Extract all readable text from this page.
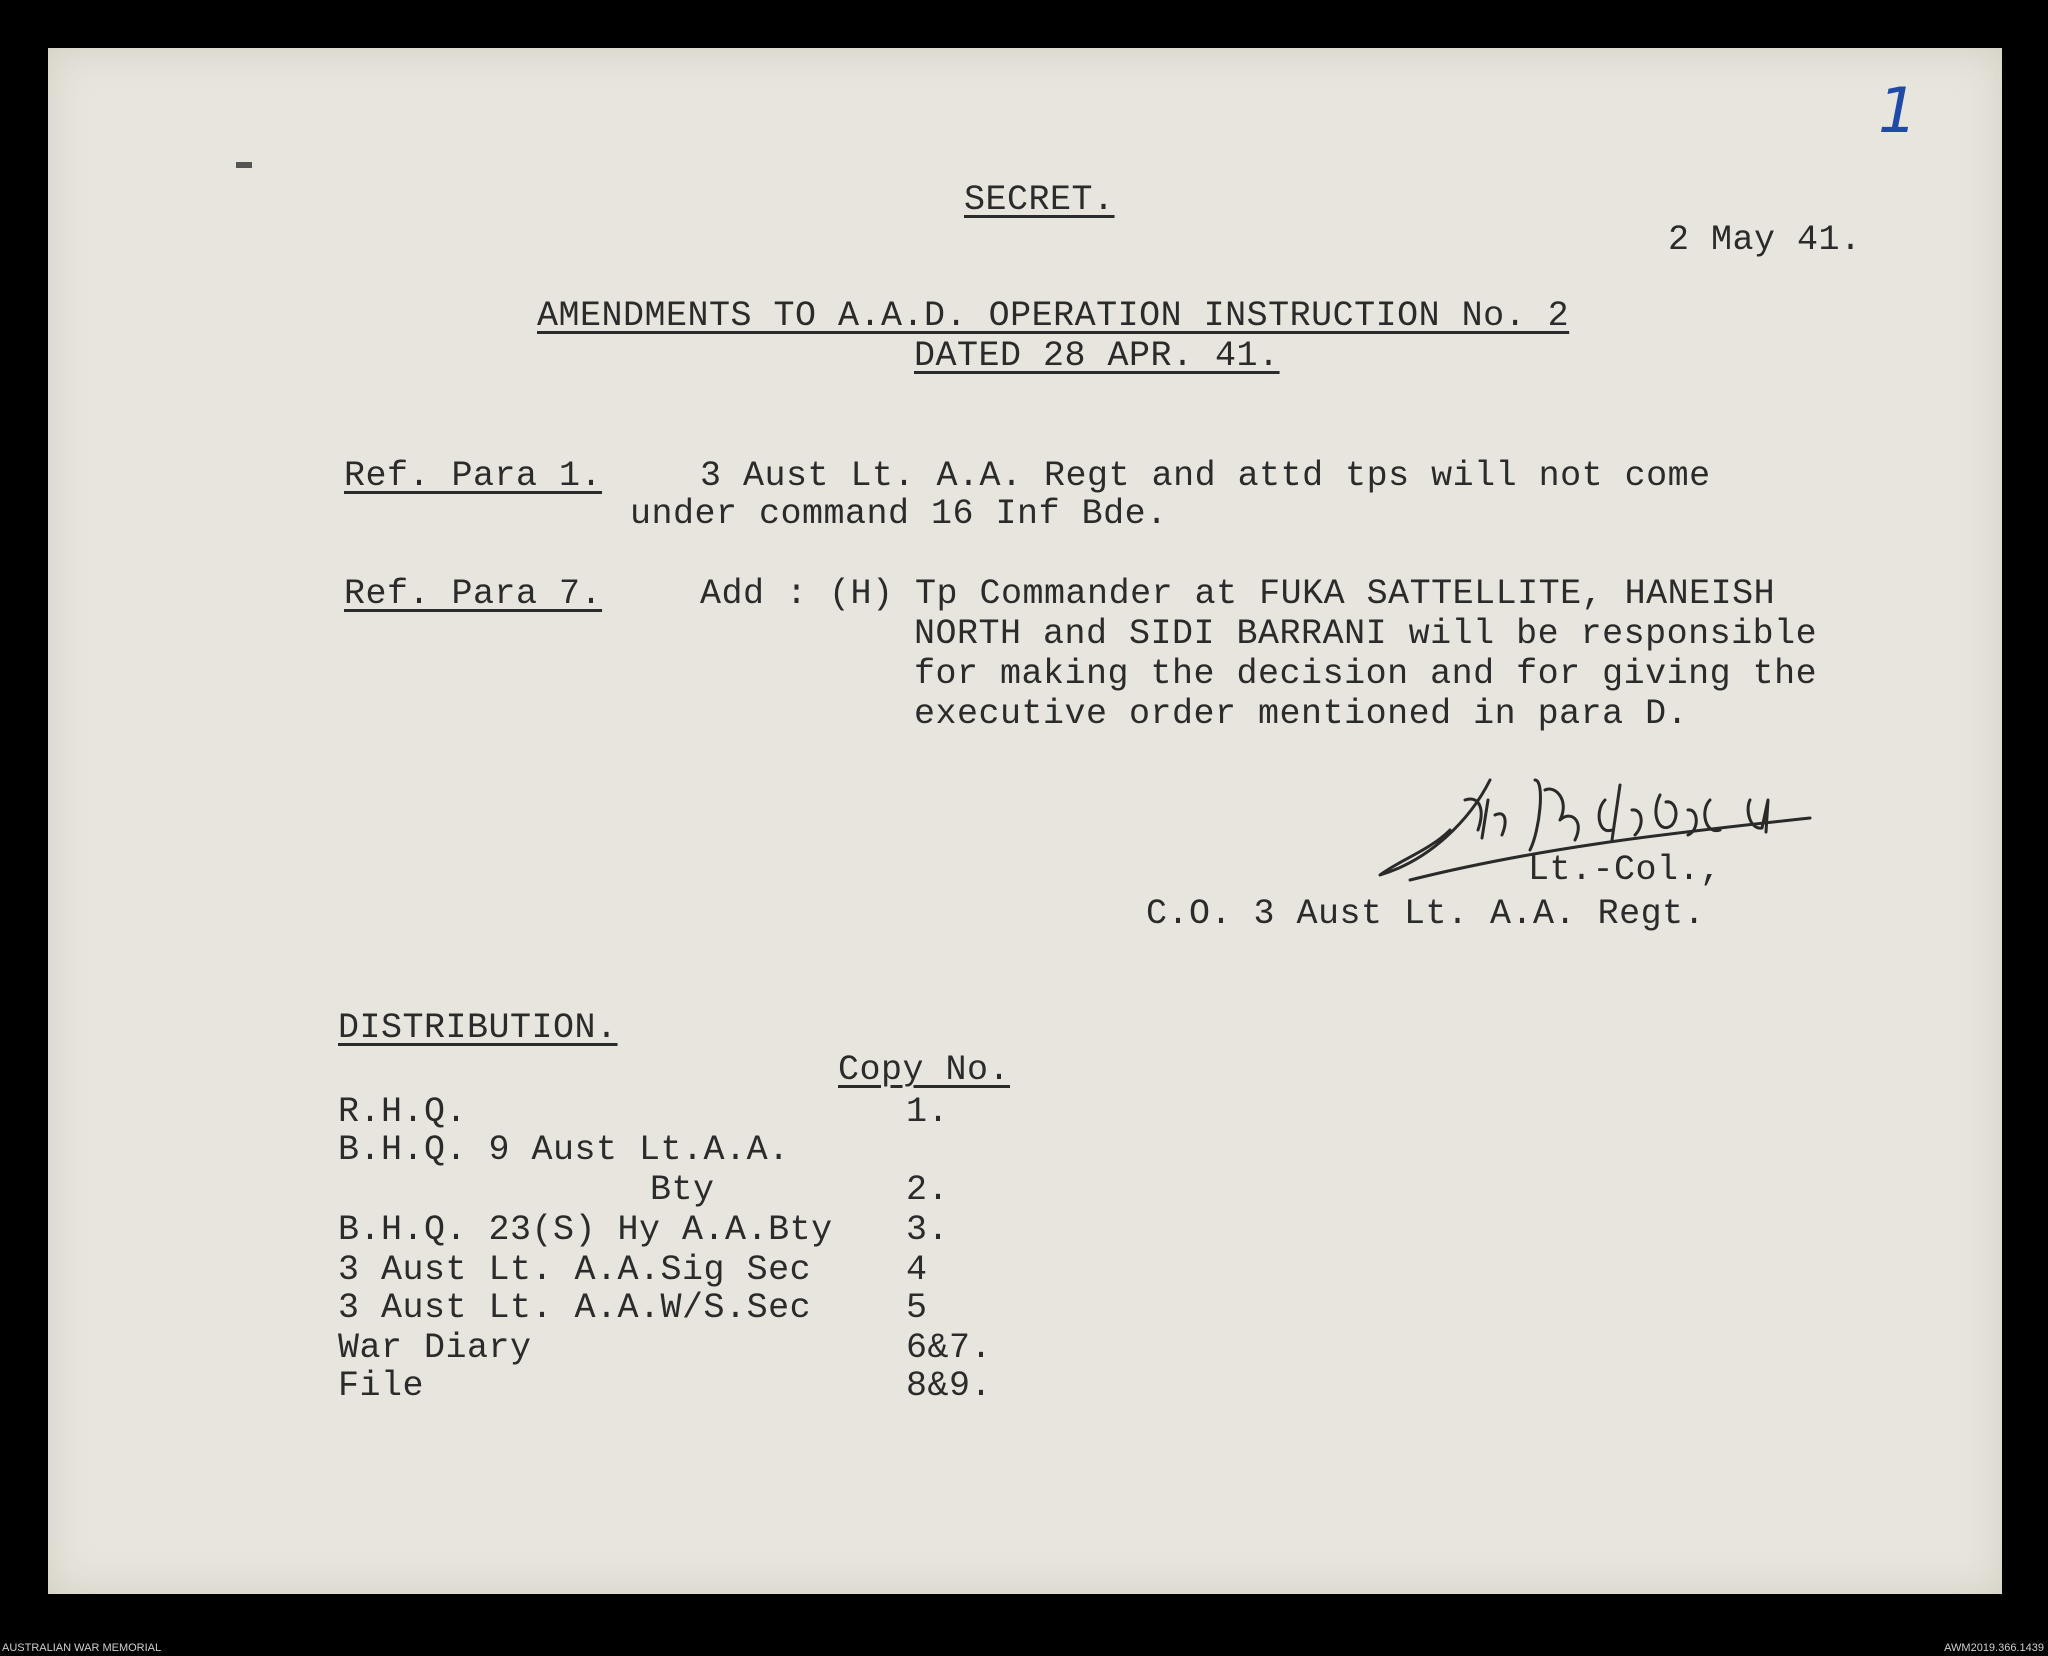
1
SECRET.
2 May 41.
AMENDMENTS TO A.A.D. OPERATION INSTRUCTION No. 2
DATED 28 APR. 41.
Ref. Para 1.	3 Aust Lt. A.A. Regt and attd tps will not come
under command 16 Inf Bde.
Ref. Para 7.	Add : (H) Tp Commander at FUKA SATTELLITE, HANEISH
NORTH and SIDI BARRANI will be responsible
for making the decision and for giving the
executive order mentioned in para D.
Lt.-Col.,
C.O. 3 Aust Lt. A.A. Regt.
DISTRIBUTION.
Copy No.
R.H.Q.	1.
B.H.Q. 9 Aust Lt.A.A.
Bty	2.
B.H.Q. 23(S) Hy A.A.Bty 3.
3 Aust Lt. A.A.Sig Sec	4
3 Aust Lt. A.A.W/S.Sec	5
War Diary	6&7.
File	8&9.
AUSTRALIAN WAR MEMORIAL	AWM2019.366.1439
